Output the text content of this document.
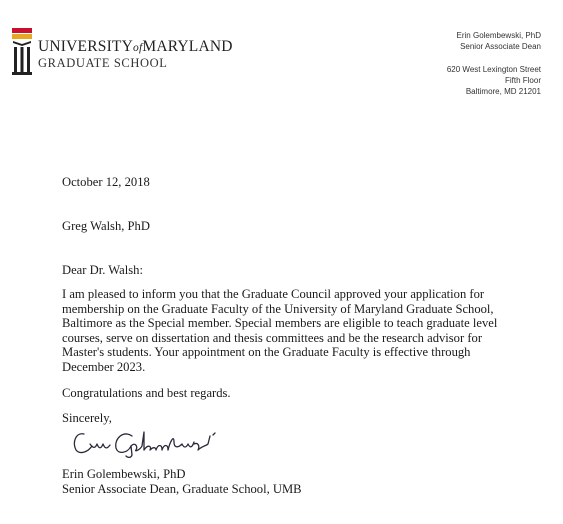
UNIVERSITYofMARYLAND
GRADUATE SCHOOL
Erin Golembewski, PhD
Senior Associate Dean
620 West Lexington Street
Fifth Floor
Baltimore, MD 21201
October 12, 2018
Greg Walsh, PhD
Dear Dr. Walsh:
I am pleased to inform you that the Graduate Council approved your application for
membership on the Graduate Faculty of the University of Maryland Graduate School,
Baltimore as the Special member. Special members are eligible to teach graduate level
courses, serve on dissertation and thesis committees and be the research advisor for
Master's students. Your appointment on the Graduate Faculty is effective through
December 2023.
Congratulations and best regards.
Sincerely,
Erin Golembewski, PhD
Senior Associate Dean, Graduate School, UMB
